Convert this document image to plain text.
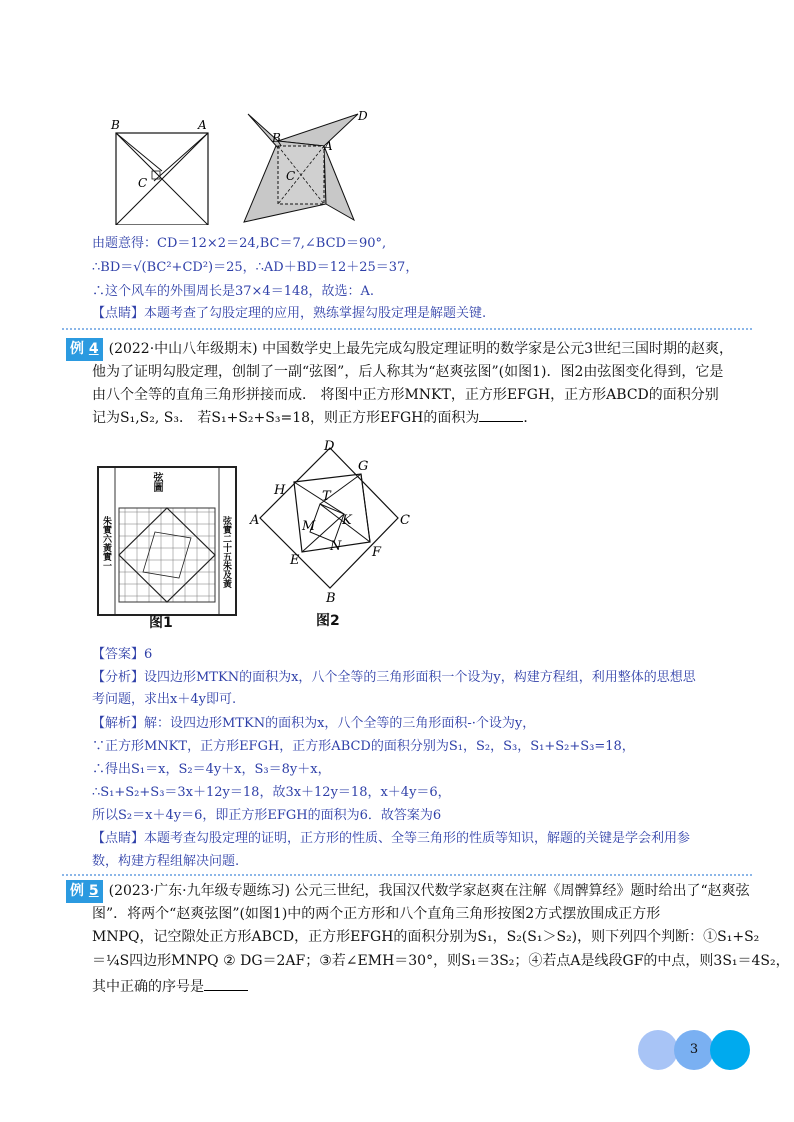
B	A
C
D
B
A
C
由题意得：CD＝12×2＝24,BC＝7,∠BCD＝90°,
∴BD＝√(BC²+CD²)＝25，∴AD＋BD＝12＋25＝37，
∴这个风车的外围周长是37×4＝148，故选：A.
【点睛】本题考查了勾股定理的应用，熟练掌握勾股定理是解题关键.
例 4 (2022·中山八年级期末) 中国数学史上最先完成勾股定理证明的数学家是公元3世纪三国时期的赵爽，
他为了证明勾股定理，创制了一副“弦图”，后人称其为“赵爽弦图”(如图1)．图2由弦图变化得到，它是
由八个全等的直角三角形拼接而成． 将图中正方形MNKT，正方形EFGH，正方形ABCD的面积分别
记为S₁,S₂, S₃． 若S₁+S₂+S₃=18，则正方形EFGH的面积为	．
弦圖
朱實六黃實一	弦實二十五朱及黃
图1
D
G
H	T
A	K	C
M
N F
E
B
图2
【答案】6
【分析】设四边形MTKN的面积为x，八个全等的三角形面积一个设为y，构建方程组，利用整体的思想思
考问题，求出x＋4y即可.
【解析】解：设四边形MTKN的面积为x，八个全等的三角形面积-·个设为y，
∵正方形MNKT，正方形EFGH，正方形ABCD的面积分别为S₁，S₂，S₃，S₁+S₂+S₃=18，
∴得出S₁＝x，S₂＝4y＋x，S₃＝8y＋x，
∴S₁+S₂+S₃＝3x＋12y＝18，故3x＋12y＝18，x＋4y＝6，
所以S₂＝x＋4y＝6，即正方形EFGH的面积为6．故答案为6
【点睛】本题考查勾股定理的证明，正方形的性质、全等三角形的性质等知识，解题的关键是学会利用参
数，构建方程组解决问题.
例 5 (2023·广东·九年级专题练习) 公元三世纪，我国汉代数学家赵爽在注解《周髀算经》题时给出了“赵爽弦
图”．将两个“赵爽弦图”(如图1)中的两个正方形和八个直角三角形按图2方式摆放围成正方形
MNPQ，记空隙处正方形ABCD，正方形EFGH的面积分别为S₁，S₂(S₁＞S₂)，则下列四个判断：①S₁+S₂
＝¼S四边形MNPQ ② DG＝2AF；③若∠EMH＝30°，则S₁＝3S₂；④若点A是线段GF的中点，则3S₁＝4S₂，
其中正确的序号是
3
